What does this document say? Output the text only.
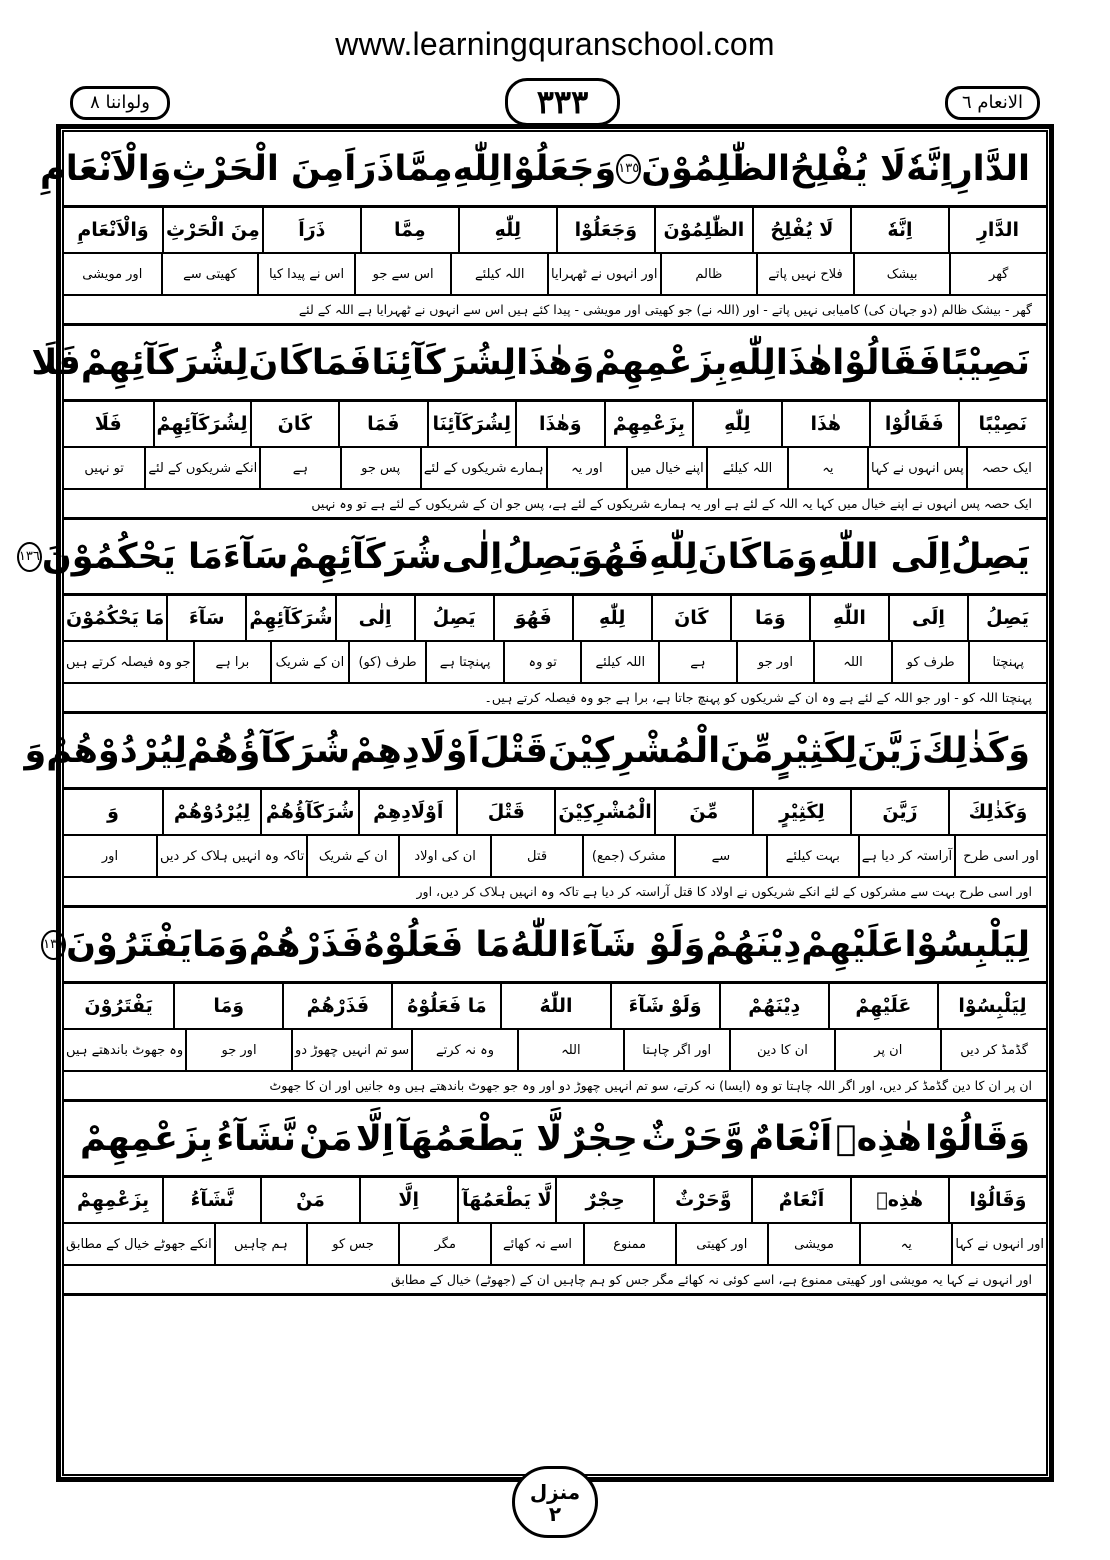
www.learningquranschool.com
ولواننا ٨	٣٣٣	الانعام ٦
الدَّارِ
اِنَّهٗ
لَا يُفْلِحُ
الظّٰلِمُوْنَ
١٣٥
وَجَعَلُوْا
لِلّٰهِ
مِمَّا
ذَرَاَ
مِنَ الْحَرْثِ
وَالْاَنْعَامِ
الدَّارِ
اِنَّهٗ
لَا يُفْلِحُ
الظّٰلِمُوْنَ
وَجَعَلُوْا
لِلّٰهِ
مِمَّا
ذَرَاَ
مِنَ الْحَرْثِ
وَالْاَنْعَامِ
گھر
بیشک
فلاح نہیں پاتے
ظالم
اور انہوں نے ٹھہرایا
اللہ کیلئے
اس سے جو
اس نے پیدا کیا
کھیتی سے
اور مویشی
گھر - بیشک ظالم (دو جہان کی) کامیابی نہیں پاتے - اور (اللہ نے) جو کھیتی اور مویشی - پیدا کئے ہیں اس سے انہوں نے ٹھہرایا ہے اللہ کے لئے
نَصِيْبًا
فَقَالُوْا
هٰذَا
لِلّٰهِ
بِزَعْمِهِمْ
وَهٰذَا
لِشُرَكَآئِنَا
فَمَا
كَانَ
لِشُرَكَآئِهِمْ
فَلَا
نَصِيْبًا
فَقَالُوْا
هٰذَا
لِلّٰهِ
بِزَعْمِهِمْ
وَهٰذَا
لِشُرَكَآئِنَا
فَمَا
كَانَ
لِشُرَكَآئِهِمْ
فَلَا
ایک حصہ
پس انہوں نے کہا
یہ
اللہ کیلئے
اپنے خیال میں
اور یہ
ہمارے شریکوں کے لئے
پس جو
ہے
انکے شریکوں کے لئے
تو نہیں
ایک حصہ پس انہوں نے اپنے خیال میں کہا یہ اللہ کے لئے ہے اور یہ ہمارے شریکوں کے لئے ہے، پس جو ان کے شریکوں کے لئے ہے تو وہ نہیں
يَصِلُ
اِلَى اللّٰهِ
وَمَا
كَانَ
لِلّٰهِ
فَهُوَ
يَصِلُ
اِلٰى
شُرَكَآئِهِمْ
سَآءَ
مَا يَحْكُمُوْنَ
١٣٦
يَصِلُ
اِلَى
اللّٰهِ
وَمَا
كَانَ
لِلّٰهِ
فَهُوَ
يَصِلُ
اِلٰى
شُرَكَآئِهِمْ
سَآءَ
مَا يَحْكُمُوْنَ
پہنچتا
طرف کو
اللہ
اور جو
ہے
اللہ کیلئے
تو وہ
پہنچتا ہے
طرف (کو)
ان کے شریک
برا ہے
جو وہ فیصلہ کرتے ہیں
پہنچتا اللہ کو - اور جو اللہ کے لئے ہے وہ ان کے شریکوں کو پہنچ جاتا ہے، برا ہے جو وہ فیصلہ کرتے ہیں۔
وَكَذٰلِكَ
زَيَّنَ
لِكَثِيْرٍ
مِّنَ
الْمُشْرِكِيْنَ
قَتْلَ
اَوْلَادِهِمْ
شُرَكَآؤُهُمْ
لِيُرْدُوْهُمْ
وَ
وَكَذٰلِكَ
زَيَّنَ
لِكَثِيْرٍ
مِّنَ
الْمُشْرِكِيْنَ
قَتْلَ
اَوْلَادِهِمْ
شُرَكَآؤُهُمْ
لِيُرْدُوْهُمْ
وَ
اور اسی طرح
آراستہ کر دیا ہے
بہت کیلئے
سے
مشرک (جمع)
قتل
ان کی اولاد
ان کے شریک
تاکہ وہ انہیں ہلاک کر دیں
اور
اور اسی طرح بہت سے مشرکوں کے لئے انکے شریکوں نے اولاد کا قتل آراستہ کر دیا ہے تاکہ وہ انہیں ہلاک کر دیں، اور
لِيَلْبِسُوْا
عَلَيْهِمْ
دِيْنَهُمْ
وَلَوْ شَآءَ
اللّٰهُ
مَا فَعَلُوْهُ
فَذَرْهُمْ
وَمَا
يَفْتَرُوْنَ
١٣٧
لِيَلْبِسُوْا
عَلَيْهِمْ
دِيْنَهُمْ
وَلَوْ شَآءَ
اللّٰهُ
مَا فَعَلُوْهُ
فَذَرْهُمْ
وَمَا
يَفْتَرُوْنَ
گڈمڈ کر دیں
ان پر
ان کا دین
اور اگر چاہتا
اللہ
وہ نہ کرتے
سو تم انہیں چھوڑ دو
اور جو
وہ جھوٹ باندھتے ہیں
ان پر ان کا دین گڈمڈ کر دیں، اور اگر اللہ چاہتا تو وہ (ایسا) نہ کرتے، سو تم انہیں چھوڑ دو اور وہ جو جھوٹ باندھتے ہیں وہ جانیں اور ان کا جھوٹ
وَقَالُوْا
هٰذِهٖ
اَنْعَامٌ
وَّحَرْثٌ
حِجْرٌ
لَّا يَطْعَمُهَآ
اِلَّا
مَنْ
نَّشَآءُ
بِزَعْمِهِمْ
وَقَالُوْا
هٰذِهٖ
اَنْعَامٌ
وَّحَرْثٌ
حِجْرٌ
لَّا يَطْعَمُهَآ
اِلَّا
مَنْ
نَّشَآءُ
بِزَعْمِهِمْ
اور انہوں نے کہا
یہ
مویشی
اور کھیتی
ممنوع
اسے نہ کھائے
مگر
جس کو
ہم چاہیں
انکے جھوٹے خیال کے مطابق
اور انہوں نے کہا یہ مویشی اور کھیتی ممنوع ہے، اسے کوئی نہ کھائے مگر جس کو ہم چاہیں ان کے (جھوٹے) خیال کے مطابق
منزل
٢
